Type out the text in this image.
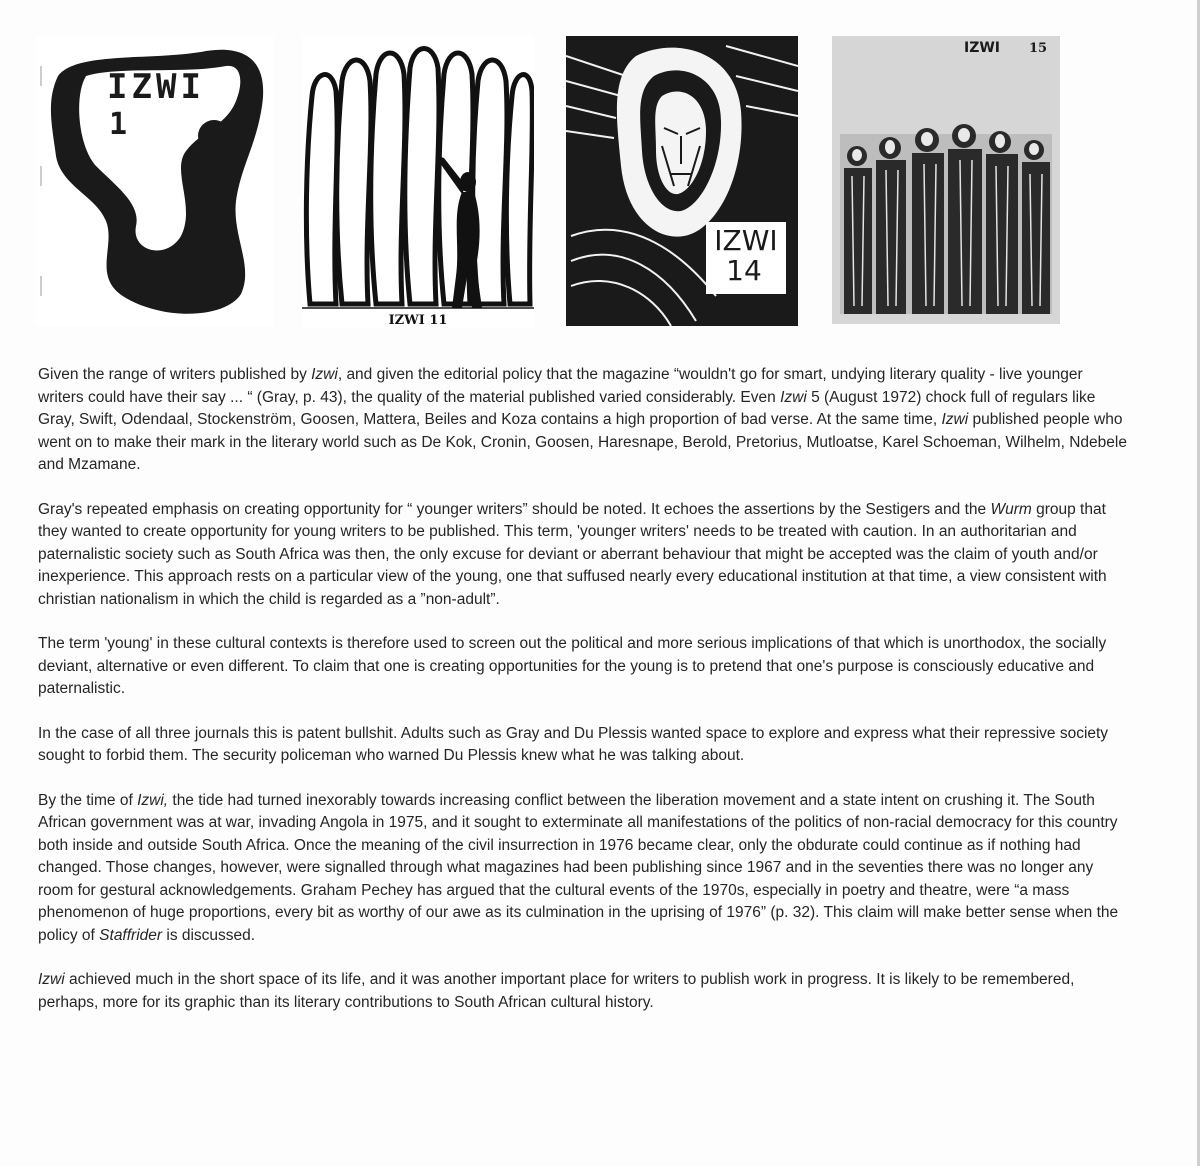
IZWI
1
IZWI 11
IZWI
14
IZWI 15

Given the range of writers published by Izwi, and given the editorial policy that the magazine “wouldn't go for smart, undying literary quality - live younger writers could have their say ... “ (Gray, p. 43), the quality of the material published varied considerably. Even Izwi 5 (August 1972) chock full of regulars like Gray, Swift, Odendaal, Stockenström, Goosen, Mattera, Beiles and Koza contains a high proportion of bad verse. At the same time, Izwi published people who went on to make their mark in the literary world such as De Kok, Cronin, Goosen, Haresnape, Berold, Pretorius, Mutloatse, Karel Schoeman, Wilhelm, Ndebele and Mzamane.

Gray's repeated emphasis on creating opportunity for “ younger writers” should be noted. It echoes the assertions by the Sestigers and the Wurm group that they wanted to create opportunity for young writers to be published. This term, 'younger writers' needs to be treated with caution. In an authoritarian and paternalistic society such as South Africa was then, the only excuse for deviant or aberrant behaviour that might be accepted was the claim of youth and/or inexperience. This approach rests on a particular view of the young, one that suffused nearly every educational institution at that time, a view consistent with christian nationalism in which the child is regarded as a ”non-adult”.

The term 'young' in these cultural contexts is therefore used to screen out the political and more serious implications of that which is unorthodox, the socially deviant, alternative or even different. To claim that one is creating opportunities for the young is to pretend that one's purpose is consciously educative and paternalistic.

In the case of all three journals this is patent bullshit. Adults such as Gray and Du Plessis wanted space to explore and express what their repressive society sought to forbid them. The security policeman who warned Du Plessis knew what he was talking about.

By the time of Izwi, the tide had turned inexorably towards increasing conflict between the liberation movement and a state intent on crushing it. The South African government was at war, invading Angola in 1975, and it sought to exterminate all manifestations of the politics of non-racial democracy for this country both inside and outside South Africa. Once the meaning of the civil insurrection in 1976 became clear, only the obdurate could continue as if nothing had changed. Those changes, however, were signalled through what magazines had been publishing since 1967 and in the seventies there was no longer any room for gestural acknowledgements. Graham Pechey has argued that the cultural events of the 1970s, especially in poetry and theatre, were “a mass phenomenon of huge proportions, every bit as worthy of our awe as its culmination in the uprising of 1976” (p. 32). This claim will make better sense when the policy of Staffrider is discussed.

Izwi achieved much in the short space of its life, and it was another important place for writers to publish work in progress. It is likely to be remembered, perhaps, more for its graphic than its literary contributions to South African cultural history.
